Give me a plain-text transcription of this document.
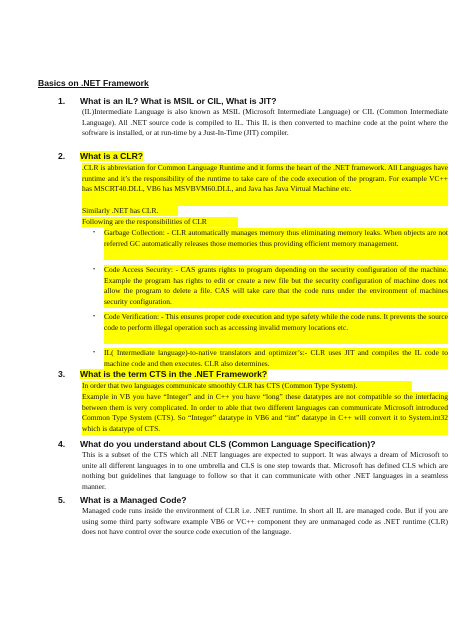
Basics on .NET Framework
1. What is an IL? What is MSIL or CIL, What is JIT?

(IL)Intermediate Language is also known as MSIL (Microsoft Intermediate Language) or CIL (Common Intermediate Language). All .NET source code is compiled to IL. This IL is then converted to machine code at the point where the software is installed, or at run-time by a Just-In-Time (JIT) compiler.

2. What is a CLR?

.CLR is abbreviation for Common Language Runtime and it forms the heart of the .NET framework. All Languages have runtime and it’s the responsibility of the runtime to take care of the code execution of the program. For example VC++ has MSCRT40.DLL, VB6 has MSVBVM60.DLL, and Java has Java Virtual Machine etc.

Similarly .NET has CLR.

Following are the responsibilities of CLR

• Garbage Collection: - CLR automatically manages memory thus eliminating memory leaks. When objects are not referred GC automatically releases those memories thus providing efficient memory management.

• Code Access Security: - CAS grants rights to program depending on the security configuration of the machine. Example the program has rights to edit or create a new file but the security configuration of machine does not allow the program to delete a file. CAS will take care that the code runs under the environment of machines security configuration.

• Code Verification: - This ensures proper code execution and type safety while the code runs. It prevents the source code to perform illegal operation such as accessing invalid memory locations etc.

• IL( Intermediate language)-to-native translators and optimizer’s:- CLR uses JIT and compiles the IL code to machine code and then executes. CLR also determines.

3. What is the term CTS in the .NET Framework?

In order that two languages communicate smoothly CLR has CTS (Common Type System).

Example in VB you have “Integer” and in C++ you have “long” these datatypes are not compatible so the interfacing between them is very complicated. In order to able that two different languages can communicate Microsoft introduced Common Type System (CTS). So “Integer” datatype in VB6 and “int” datatype in C++ will convert it to System.int32 which is datatype of CTS.

4. What do you understand about CLS (Common Language Specification)?

This is a subset of the CTS which all .NET languages are expected to support. It was always a dream of Microsoft to unite all different languages in to one umbrella and CLS is one step towards that. Microsoft has defined CLS which are nothing but guidelines that language to follow so that it can communicate with other .NET languages in a seamless manner.

5. What is a Managed Code?

Managed code runs inside the environment of CLR i.e. .NET runtime. In short all IL are managed code. But if you are using some third party software example VB6 or VC++ component they are unmanaged code as .NET runtime (CLR) does not have control over the source code execution of the language.
